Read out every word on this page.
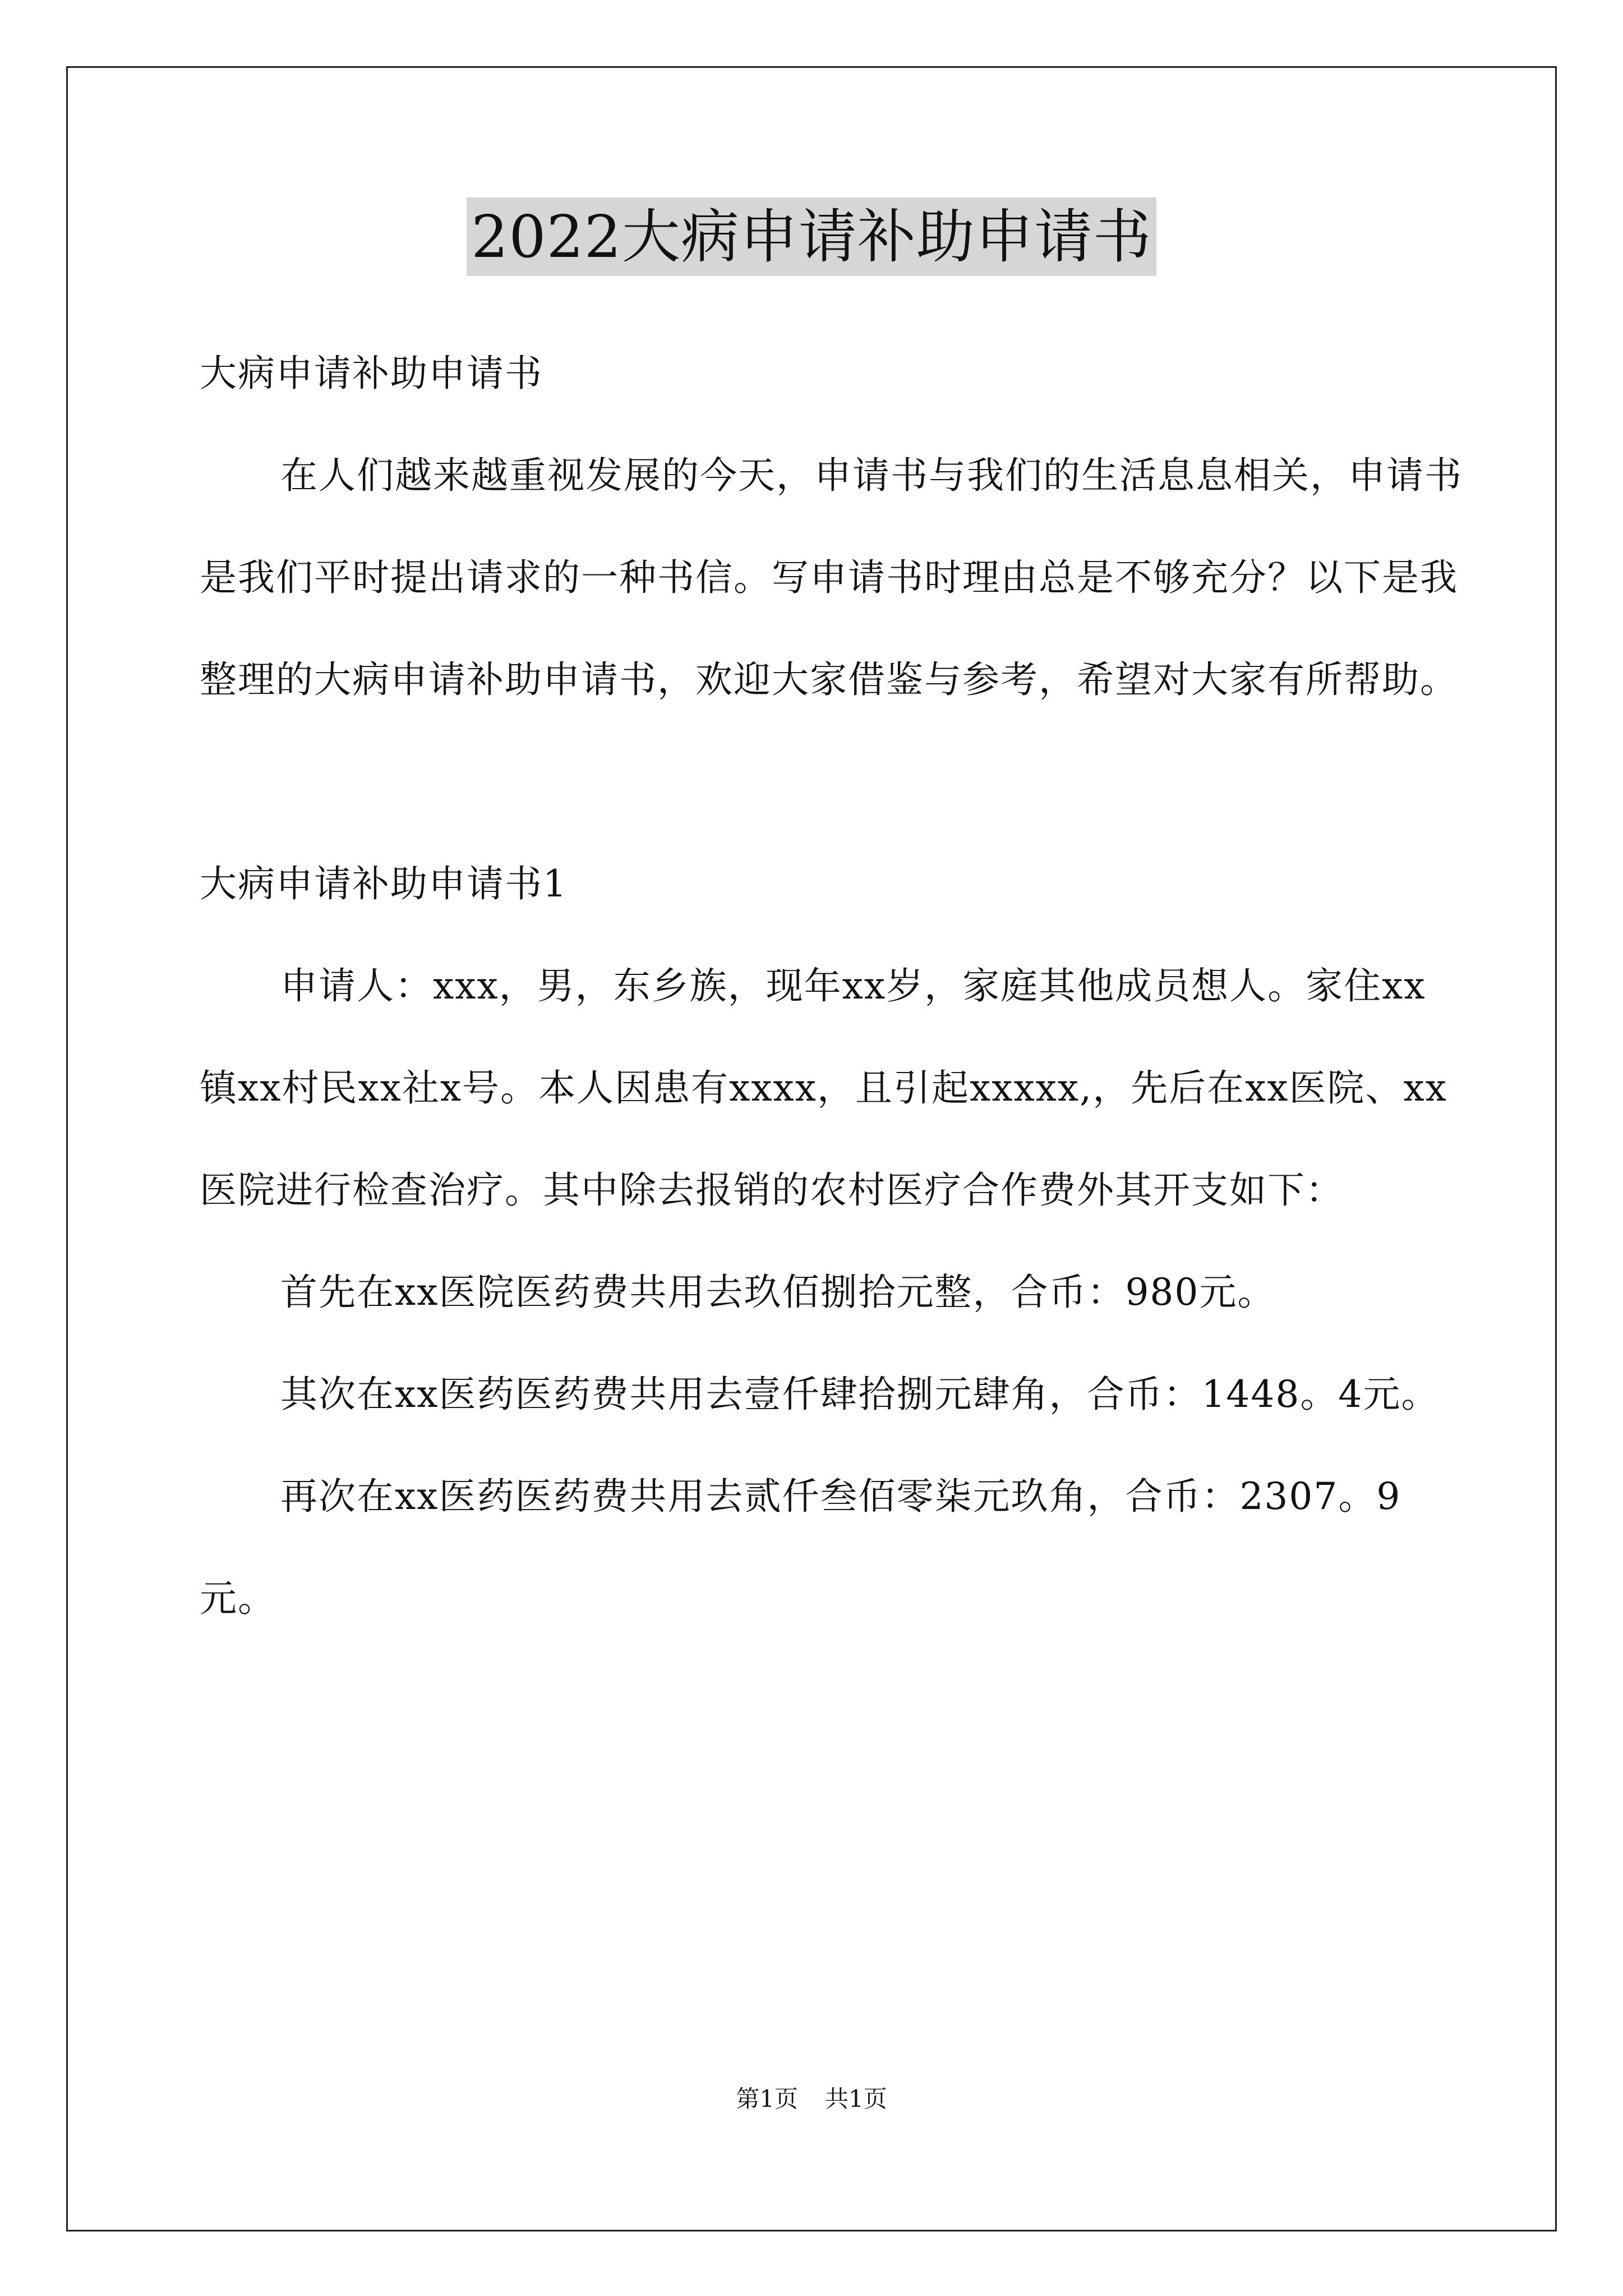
2022大病申请补助申请书

大病申请补助申请书

在人们越来越重视发展的今天，申请书与我们的生活息息相关，申请书是我们平时提出请求的一种书信。写申请书时理由总是不够充分？以下是我整理的大病申请补助申请书，欢迎大家借鉴与参考，希望对大家有所帮助。

大病申请补助申请书1

申请人：xxx，男，东乡族，现年xx岁，家庭其他成员想人。家住xx镇xx村民xx社x号。本人因患有xxxx，且引起xxxxx,，先后在xx医院、xx医院进行检查治疗。其中除去报销的农村医疗合作费外其开支如下：

首先在xx医院医药费共用去玖佰捌拾元整，合币：980元。

其次在xx医药医药费共用去壹仟肆拾捌元肆角，合币：1448。4元。

再次在xx医药医药费共用去贰仟叁佰零柒元玖角，合币：2307。9元。

第1页 共1页
